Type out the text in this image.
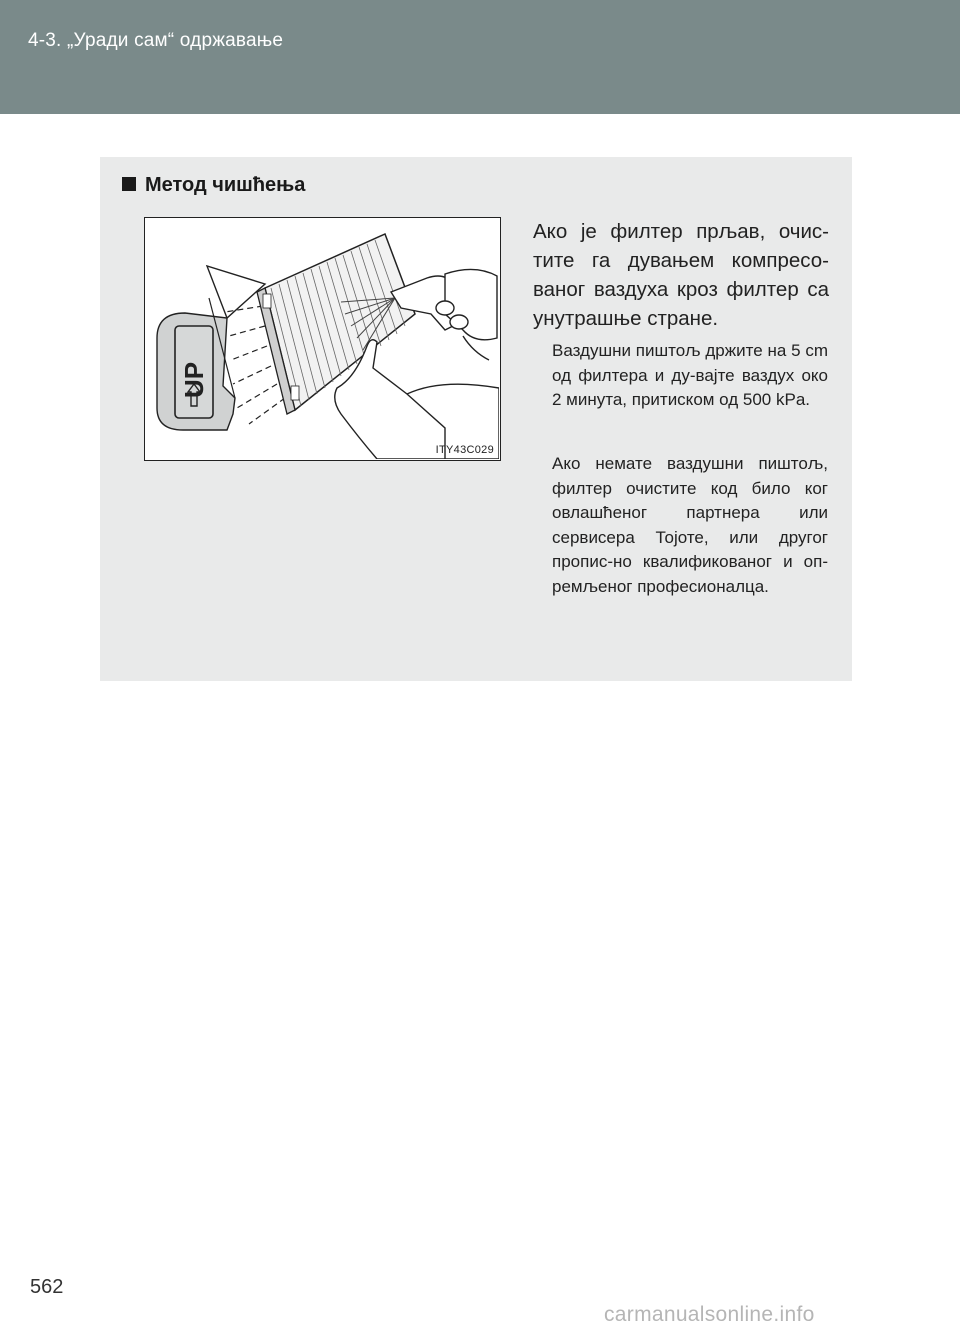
4-3. „Уради сам“ одржавање
Метод чишћења
UP
ITY43C029
Ако је филтер прљав, очис-тите га дувањем компресо-ваног ваздуха кроз филтер са унутрашње стране.
Ваздушни пиштољ држите на 5 cm од филтера и ду-вајте ваздух око 2 минута, притиском од 500 kPa.
Ако немате ваздушни пиштољ, филтер очистите код било ког овлашћеног партнера или сервисера Тојоте, или другог пропис-но квалификованог и оп-ремљеног професионалца.
562
carmanualsonline.info
